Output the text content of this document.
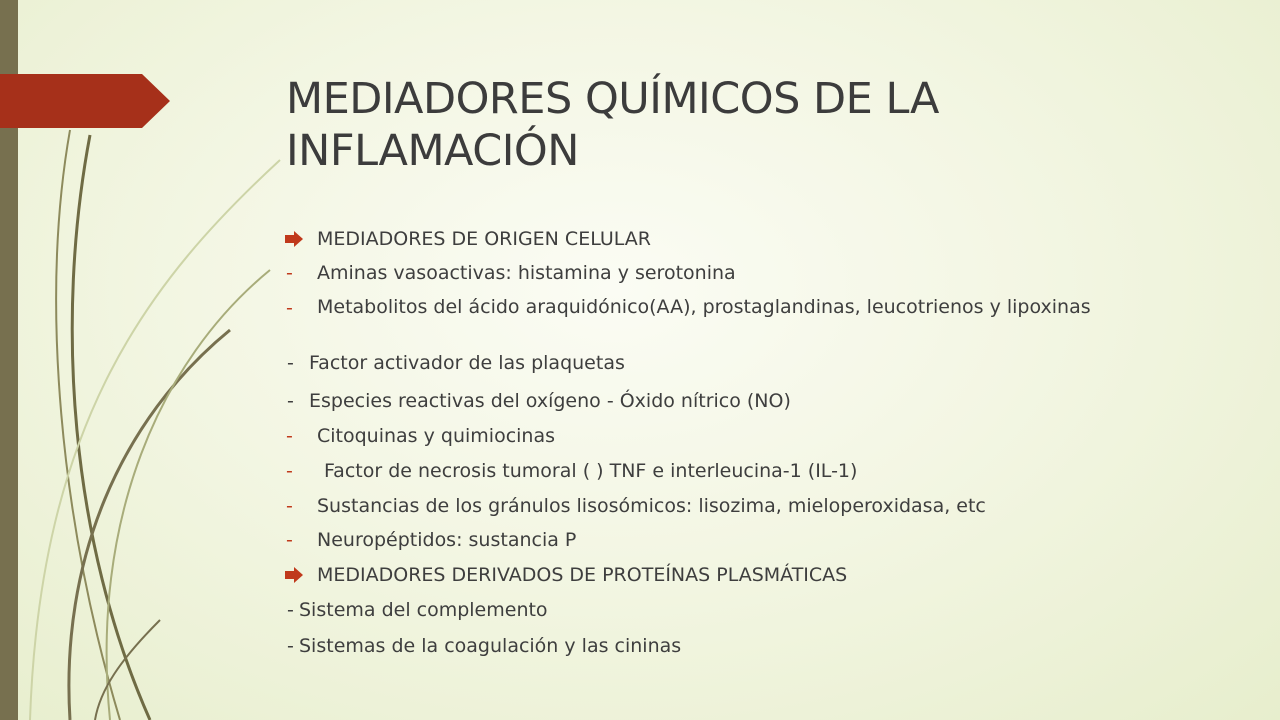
MEDIADORES QUÍMICOS DE LA INFLAMACIÓN
MEDIADORES DE ORIGEN CELULAR
- Aminas vasoactivas: histamina y serotonina
- Metabolitos del ácido araquidónico(AA), prostaglandinas, leucotrienos y lipoxinas
- Factor activador de las plaquetas
- Especies reactivas del oxígeno - Óxido nítrico (NO)
- Citoquinas y quimiocinas
- Factor de necrosis tumoral ( ) TNF e interleucina-1 (IL-1)
- Sustancias de los gránulos lisosómicos: lisozima, mieloperoxidasa, etc
- Neuropéptidos: sustancia P
MEDIADORES DERIVADOS DE PROTEÍNAS PLASMÁTICAS
- Sistema del complemento
- Sistemas de la coagulación y las cininas
